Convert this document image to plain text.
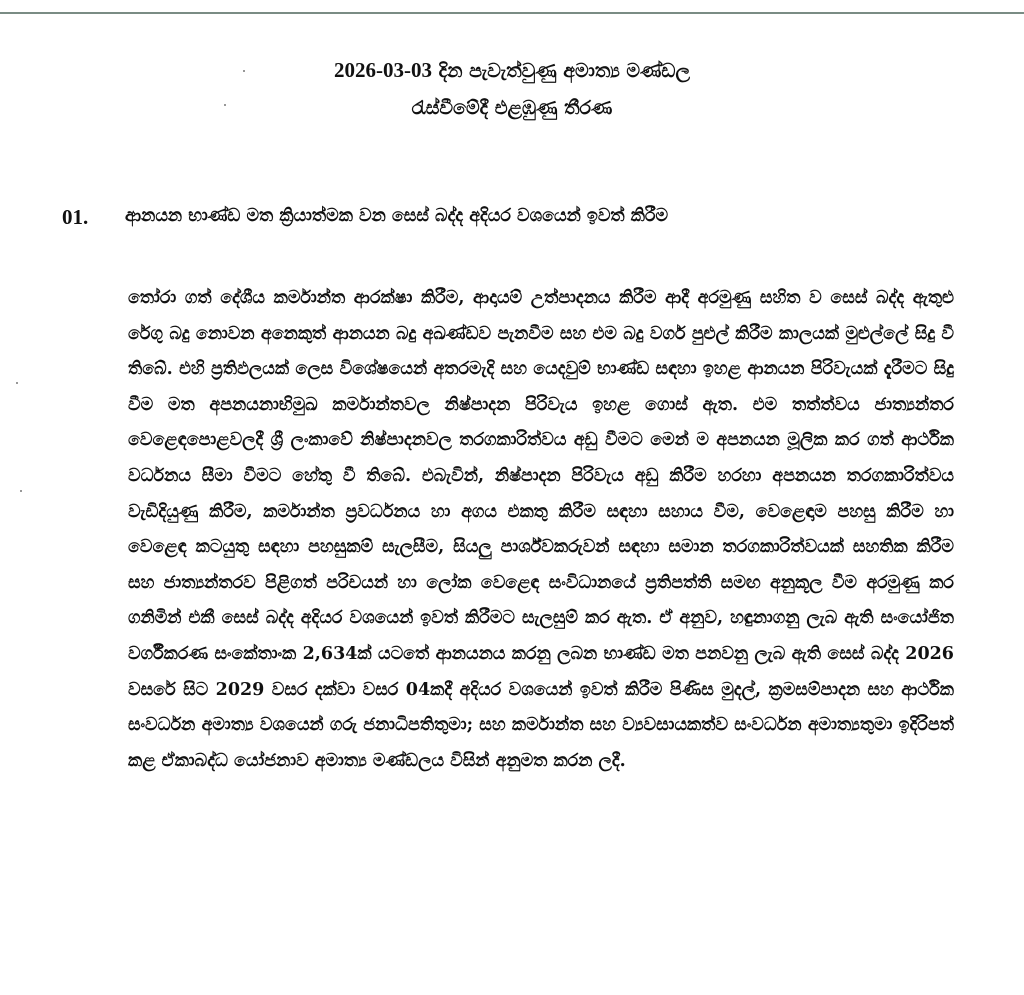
2026-03-03 දින පැවැත්වුණු අමාත්‍ය මණ්ඩල
රැස්වීමේදී එළඹුණු තීරණ
01. ආනයන භාණ්ඩ මත ක්‍රියාත්මක වන සෙස් බද්ද අදියර වශයෙන් ඉවත් කිරීම

තෝරා ගත් දේශීය කර්මාන්ත ආරක්ෂා කිරීම, ආදායම් උත්පාදනය කිරීම ආදී අරමුණු සහිත ව සෙස් බද්ද ඇතුළු රේගු බදු නොවන අනෙකුත් ආනයන බදු අඛණ්ඩව පැනවීම සහ එම බදු වර්ග පුළුල් කිරීම කාලයක් මුළුල්ලේ සිදු වී තිබේ. එහි ප්‍රතිඵලයක් ලෙස විශේෂයෙන් අතරමැදි සහ යෙදවුම් භාණ්ඩ සඳහා ඉහළ ආනයන පිරිවැයක් දැරීමට සිදු වීම මත අපනයනාභිමුඛ කර්මාන්තවල නිෂ්පාදන පිරිවැය ඉහළ ගොස් ඇත. එම තත්ත්වය ජාත්‍යන්තර වෙළෙඳපොළවලදී ශ්‍රී ලංකාවේ නිෂ්පාදනවල තරගකාරිත්වය අඩු වීමට මෙන් ම අපනයන මූලික කර ගත් ආර්ථික වර්ධනය සීමා වීමට හේතු වී තිබේ. එබැවින්, නිෂ්පාදන පිරිවැය අඩු කිරීම හරහා අපනයන තරගකාරිත්වය වැඩිදියුණු කිරීම, කර්මාන්ත ප්‍රවර්ධනය හා අගය එකතු කිරීම සඳහා සහාය වීම, වෙළෙඳාම පහසු කිරීම හා වෙළෙඳ කටයුතු සඳහා පහසුකම් සැලසීම, සියලු පාර්ශ්වකරුවන් සඳහා සමාන තරගකාරිත්වයක් සහතික කිරීම සහ ජාත්‍යන්තරව පිළිගත් පරිචයන් හා ලෝක වෙළෙඳ සංවිධානයේ ප්‍රතිපත්ති සමඟ අනුකූල වීම අරමුණු කර ගනිමින් එකී සෙස් බද්ද අදියර වශයෙන් ඉවත් කිරීමට සැලසුම් කර ඇත. ඒ අනුව, හඳුනාගනු ලැබ ඇති සංයෝජිත වර්ගීකරණ සංකේතාංක 2,634ක් යටතේ ආනයනය කරනු ලබන භාණ්ඩ මත පනවනු ලැබ ඇති සෙස් බද්ද 2026 වසරේ සිට 2029 වසර දක්වා වසර 04කදී අදියර වශයෙන් ඉවත් කිරීම පිණිස මුදල්, ක්‍රමසම්පාදන සහ ආර්ථික සංවර්ධන අමාත්‍ය වශයෙන් ගරු ජනාධිපතිතුමා; සහ කර්මාන්ත සහ ව්‍යවසායකත්ව සංවර්ධන අමාත්‍යතුමා ඉදිරිපත් කළ ඒකාබද්ධ යෝජනාව අමාත්‍ය මණ්ඩලය විසින් අනුමත කරන ලදී.
